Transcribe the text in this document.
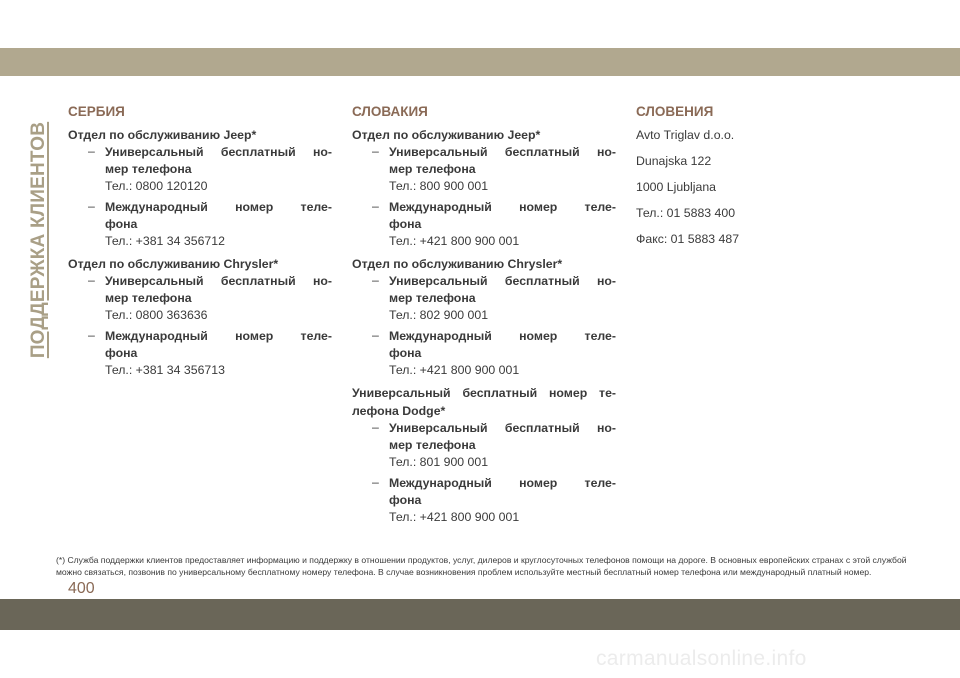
ПОДДЕРЖКА КЛИЕНТОВ
СЕРБИЯ
Отдел по обслуживанию Jeep*
– Универсальный бесплатный но-
мер телефона
Тел.: 0800 120120
– Международный номер теле-
фона
Тел.: +381 34 356712
Отдел по обслуживанию Chrysler*
– Универсальный бесплатный но-
мер телефона
Тел.: 0800 363636
– Международный номер теле-
фона
Тел.: +381 34 356713
СЛОВАКИЯ
Отдел по обслуживанию Jeep*
– Универсальный бесплатный но-
мер телефона
Тел.: 800 900 001
– Международный номер теле-
фона
Тел.: +421 800 900 001
Отдел по обслуживанию Chrysler*
– Универсальный бесплатный но-
мер телефона
Тел.: 802 900 001
– Международный номер теле-
фона
Тел.: +421 800 900 001
Универсальный бесплатный номер те-
лефона Dodge*
– Универсальный бесплатный но-
мер телефона
Тел.: 801 900 001
– Международный номер теле-
фона
Тел.: +421 800 900 001
СЛОВЕНИЯ
Avto Triglav d.o.o.
Dunajska 122
1000 Ljubljana
Тел.: 01 5883 400
Факс: 01 5883 487
(*) Служба поддержки клиентов предоставляет информацию и поддержку в отношении продуктов, услуг, дилеров и круглосуточных телефонов помощи на дороге. В основных европейских странах с этой службой
можно связаться, позвонив по универсальному бесплатному номеру телефона. В случае возникновения проблем используйте местный бесплатный номер телефона или международный платный номер.
400
carmanualsonline.info
